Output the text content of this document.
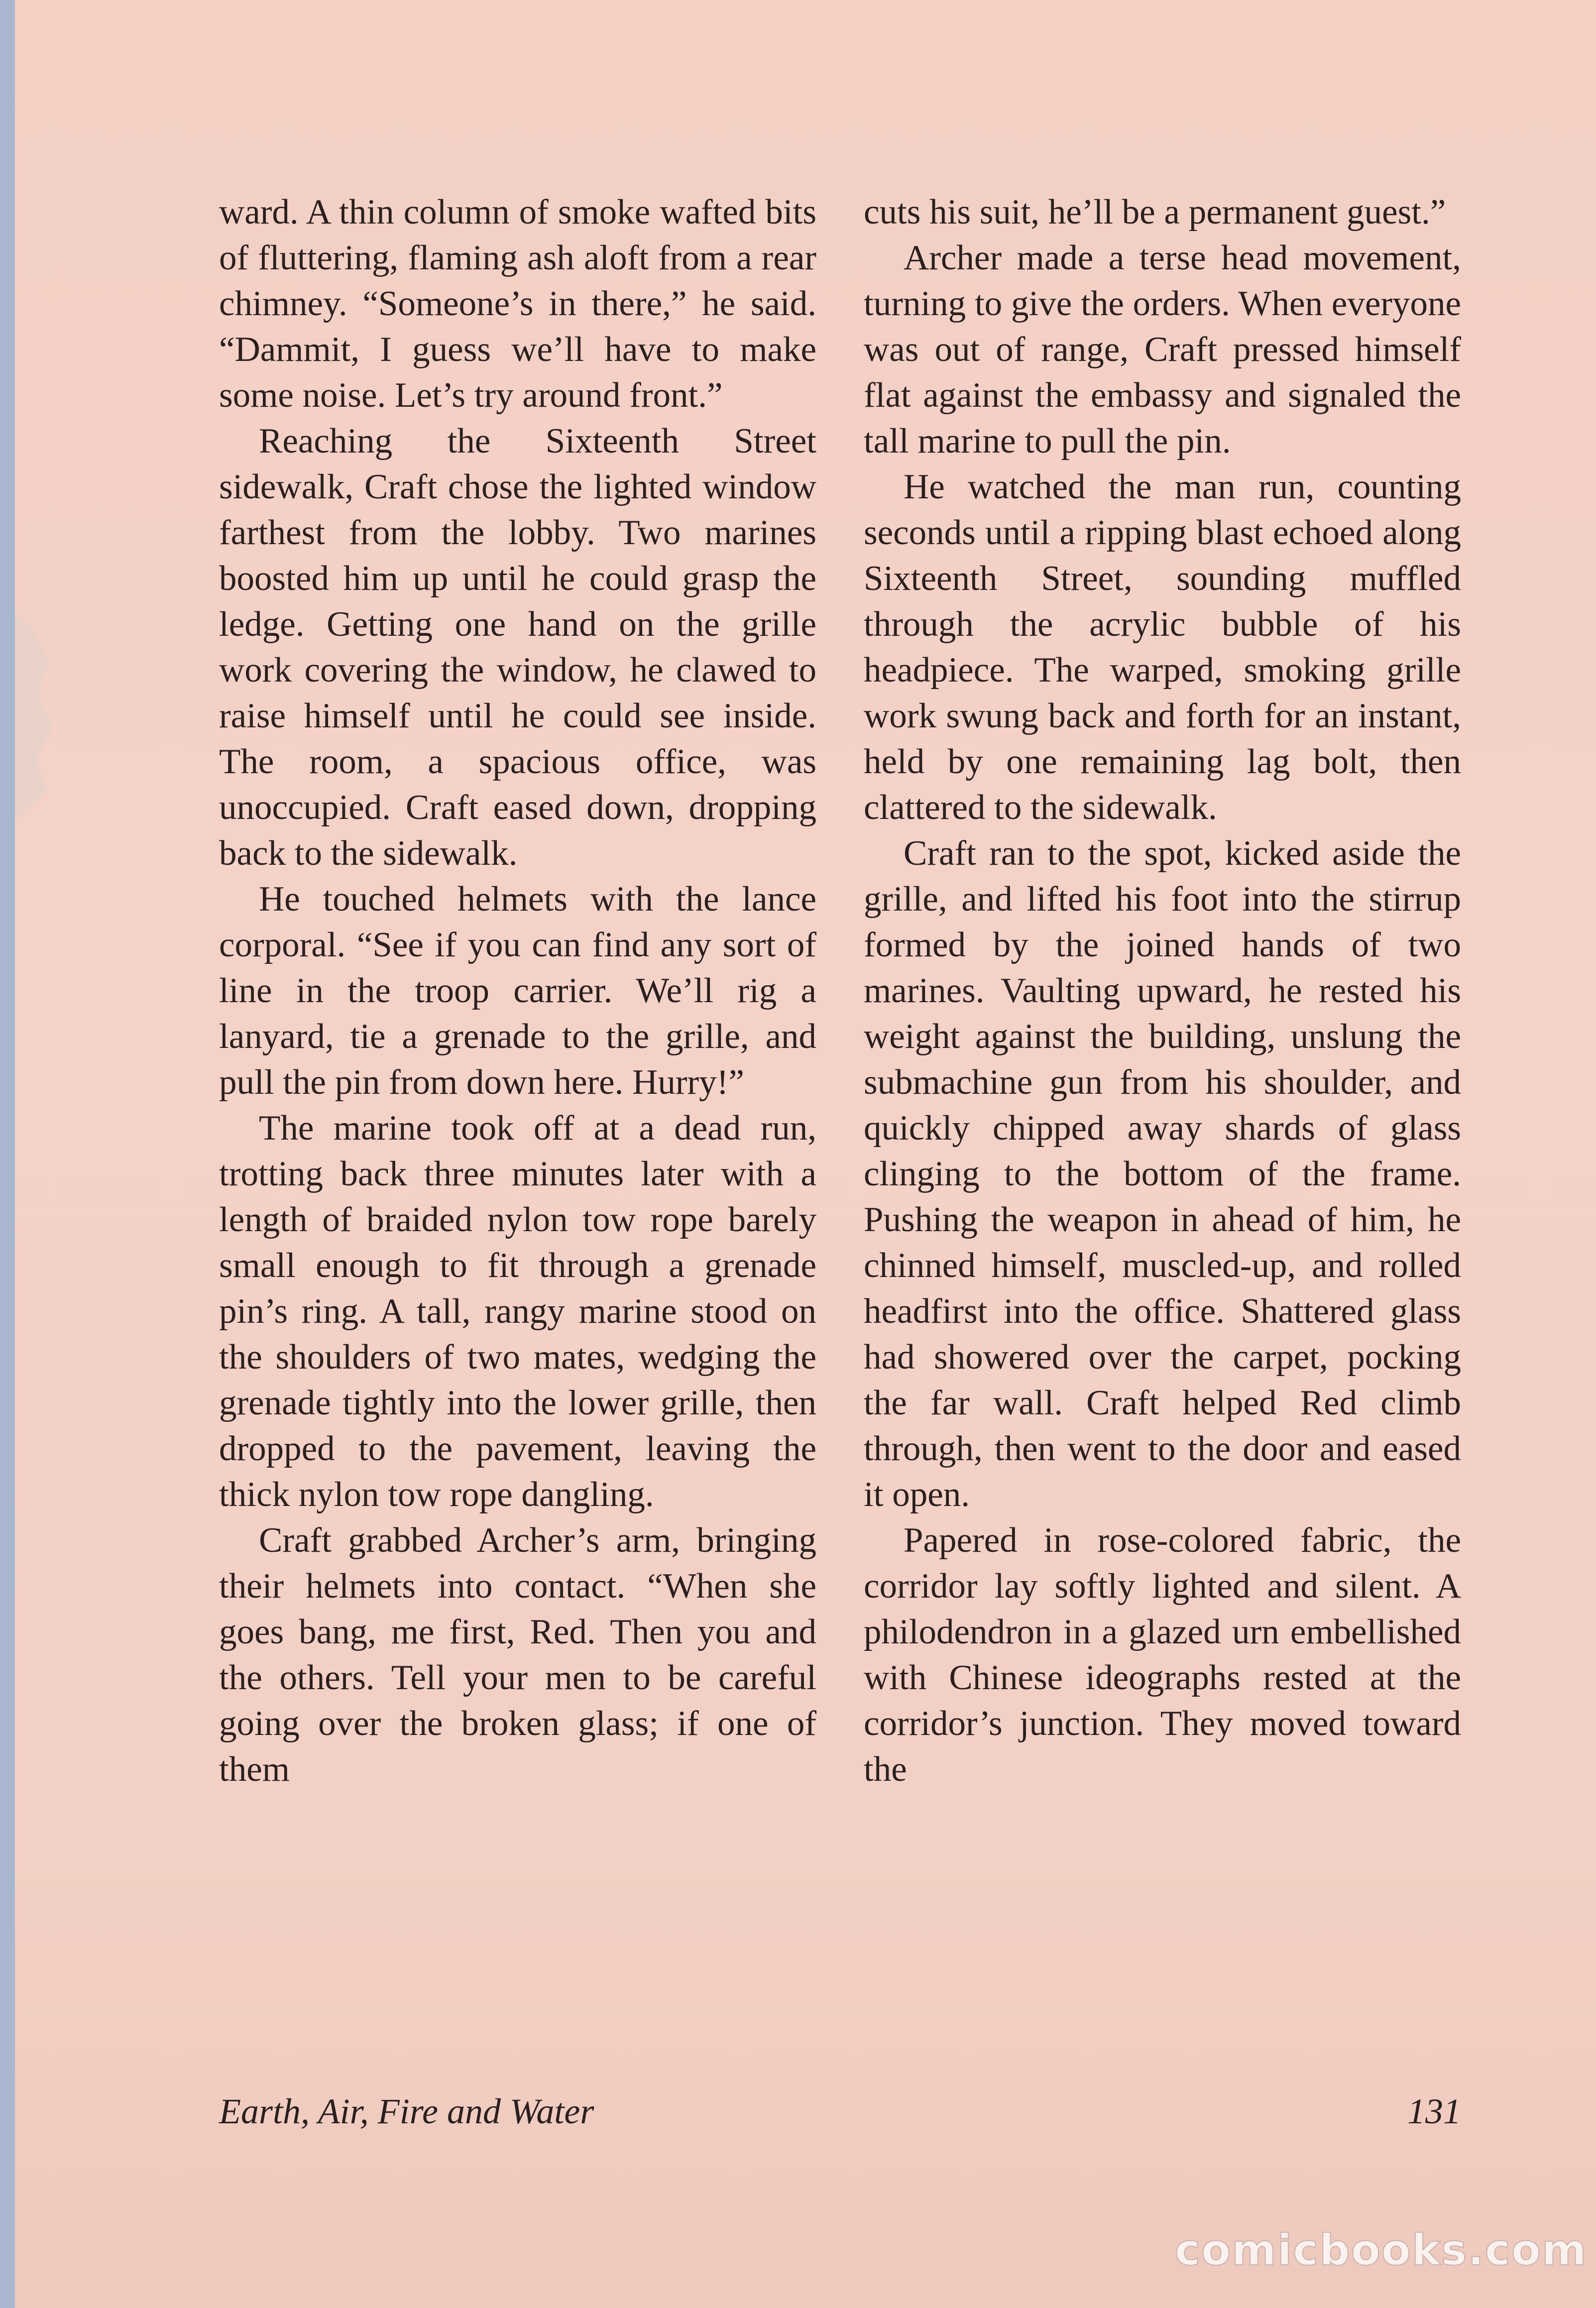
ward. A thin column of smoke wafted bits of fluttering, flaming ash aloft from a rear chimney. “Someone’s in there,” he said. “Dammit, I guess we’ll have to make some noise. Let’s try around front.”

Reaching the Sixteenth Street sidewalk, Craft chose the lighted window farthest from the lobby. Two marines boosted him up until he could grasp the ledge. Getting one hand on the grille work covering the window, he clawed to raise himself until he could see inside. The room, a spacious office, was unoccupied. Craft eased down, dropping back to the sidewalk.

He touched helmets with the lance corporal. “See if you can find any sort of line in the troop carrier. We’ll rig a lanyard, tie a grenade to the grille, and pull the pin from down here. Hurry!”

The marine took off at a dead run, trotting back three minutes later with a length of braided nylon tow rope barely small enough to fit through a grenade pin’s ring. A tall, rangy marine stood on the shoulders of two mates, wedging the grenade tightly into the lower grille, then dropped to the pavement, leaving the thick nylon tow rope dangling.

Craft grabbed Archer’s arm, bringing their helmets into contact. “When she goes bang, me first, Red. Then you and the others. Tell your men to be careful going over the broken glass; if one of them

cuts his suit, he’ll be a permanent guest.”

Archer made a terse head movement, turning to give the orders. When everyone was out of range, Craft pressed himself flat against the embassy and signaled the tall marine to pull the pin.

He watched the man run, counting seconds until a ripping blast echoed along Sixteenth Street, sounding muffled through the acrylic bubble of his headpiece. The warped, smoking grille work swung back and forth for an instant, held by one remaining lag bolt, then clattered to the sidewalk.

Craft ran to the spot, kicked aside the grille, and lifted his foot into the stirrup formed by the joined hands of two marines. Vaulting upward, he rested his weight against the building, unslung the submachine gun from his shoulder, and quickly chipped away shards of glass clinging to the bottom of the frame. Pushing the weapon in ahead of him, he chinned himself, muscled-up, and rolled headfirst into the office. Shattered glass had showered over the carpet, pocking the far wall. Craft helped Red climb through, then went to the door and eased it open.

Papered in rose-colored fabric, the corridor lay softly lighted and silent. A philodendron in a glazed urn embellished with Chinese ideographs rested at the corridor’s junction. They moved toward the

Earth, Air, Fire and Water	131
comicbooks.com
